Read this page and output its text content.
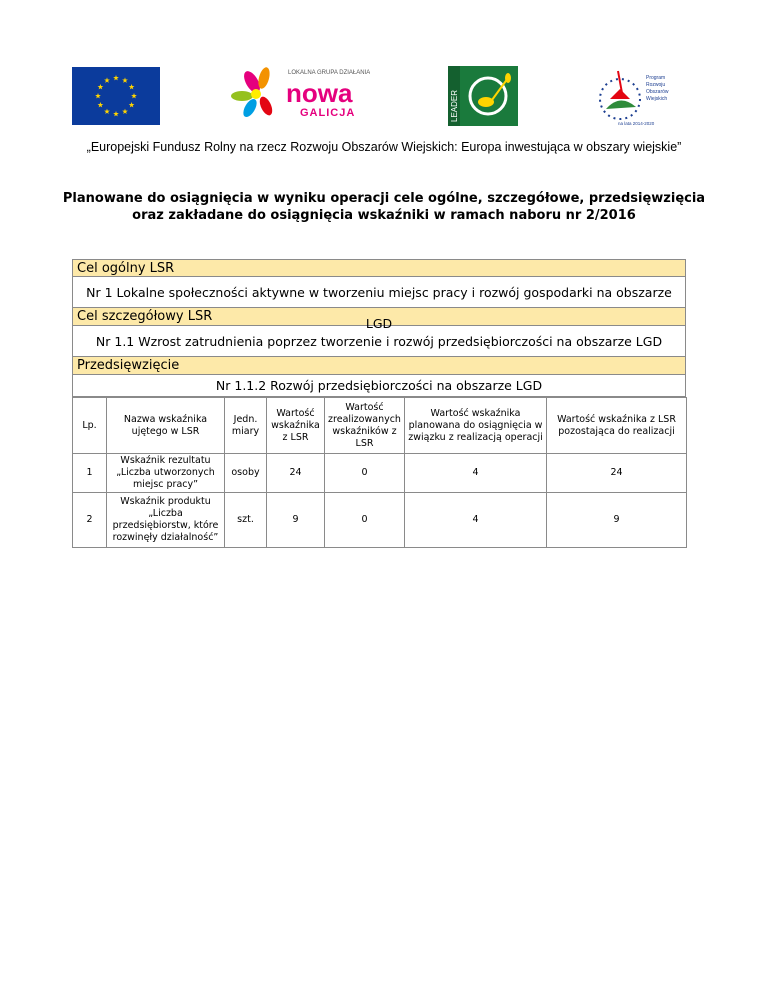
LOKALNA GRUPA DZIAŁANIA
nowa
GALICJA	LEADER
Program
Rozwoju
Obszarów
Wiejskich
na lata 2014-2020
„Europejski Fundusz Rolny na rzecz Rozwoju Obszarów Wiejskich: Europa inwestująca w obszary wiejskie”
Planowane do osiągnięcia w wyniku operacji cele ogólne, szczegółowe, przedsięwzięcia oraz zakładane do osiągnięcia wskaźniki w ramach naboru nr 2/2016
Cel ogólny LSR
Nr 1 Lokalne społeczności aktywne w tworzeniu miejsc pracy i rozwój gospodarki na obszarze LGD
Cel szczegółowy LSR
Nr 1.1 Wzrost zatrudnienia poprzez tworzenie i rozwój przedsiębiorczości na obszarze LGD
Przedsięwzięcie
Nr 1.1.2 Rozwój przedsiębiorczości na obszarze LGD
Lp.	Nazwa wskaźnika ujętego w LSR	Jedn. miary	Wartość wskaźnika z LSR	Wartość zrealizowanych wskaźników z LSR	Wartość wskaźnika planowana do osiągnięcia w związku z realizacją operacji	Wartość wskaźnika z LSR pozostająca do realizacji
1	Wskaźnik rezultatu „Liczba utworzonych miejsc pracy”	osoby	24	0	4	24
2	Wskaźnik produktu „Liczba przedsiębiorstw, które rozwinęły działalność”	szt.	9	0	4	9
